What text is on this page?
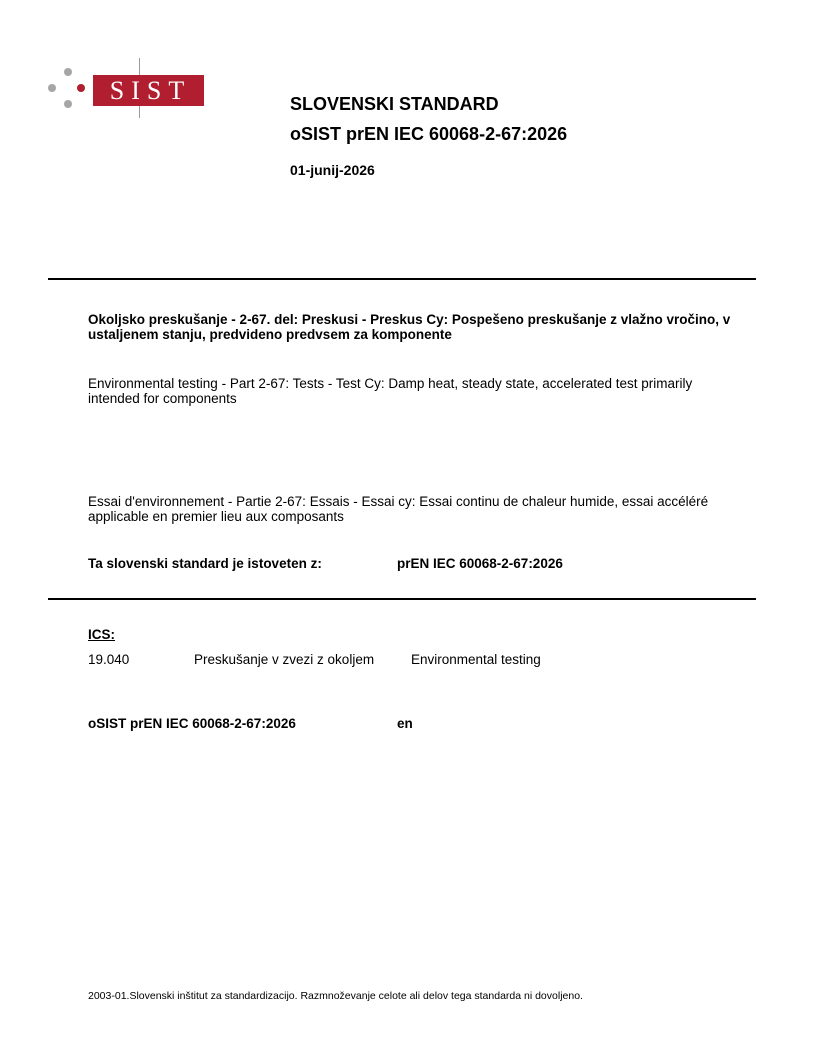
SIST	SLOVENSKI STANDARD
oSIST prEN IEC 60068-2-67:2026
01-junij-2026
Okoljsko preskušanje - 2-67. del: Preskusi - Preskus Cy: Pospešeno preskušanje z vlažno vročino, v ustaljenem stanju, predvideno predvsem za komponente
Environmental testing - Part 2-67: Tests - Test Cy: Damp heat, steady state, accelerated test primarily intended for components
Essai d'environnement - Partie 2-67: Essais - Essai cy: Essai continu de chaleur humide, essai accéléré applicable en premier lieu aux composants
Ta slovenski standard je istoveten z:	prEN IEC 60068-2-67:2026
ICS:
19.040	Preskušanje v zvezi z okoljem	Environmental testing
oSIST prEN IEC 60068-2-67:2026	en
2003-01.Slovenski inštitut za standardizacijo. Razmnoževanje celote ali delov tega standarda ni dovoljeno.
